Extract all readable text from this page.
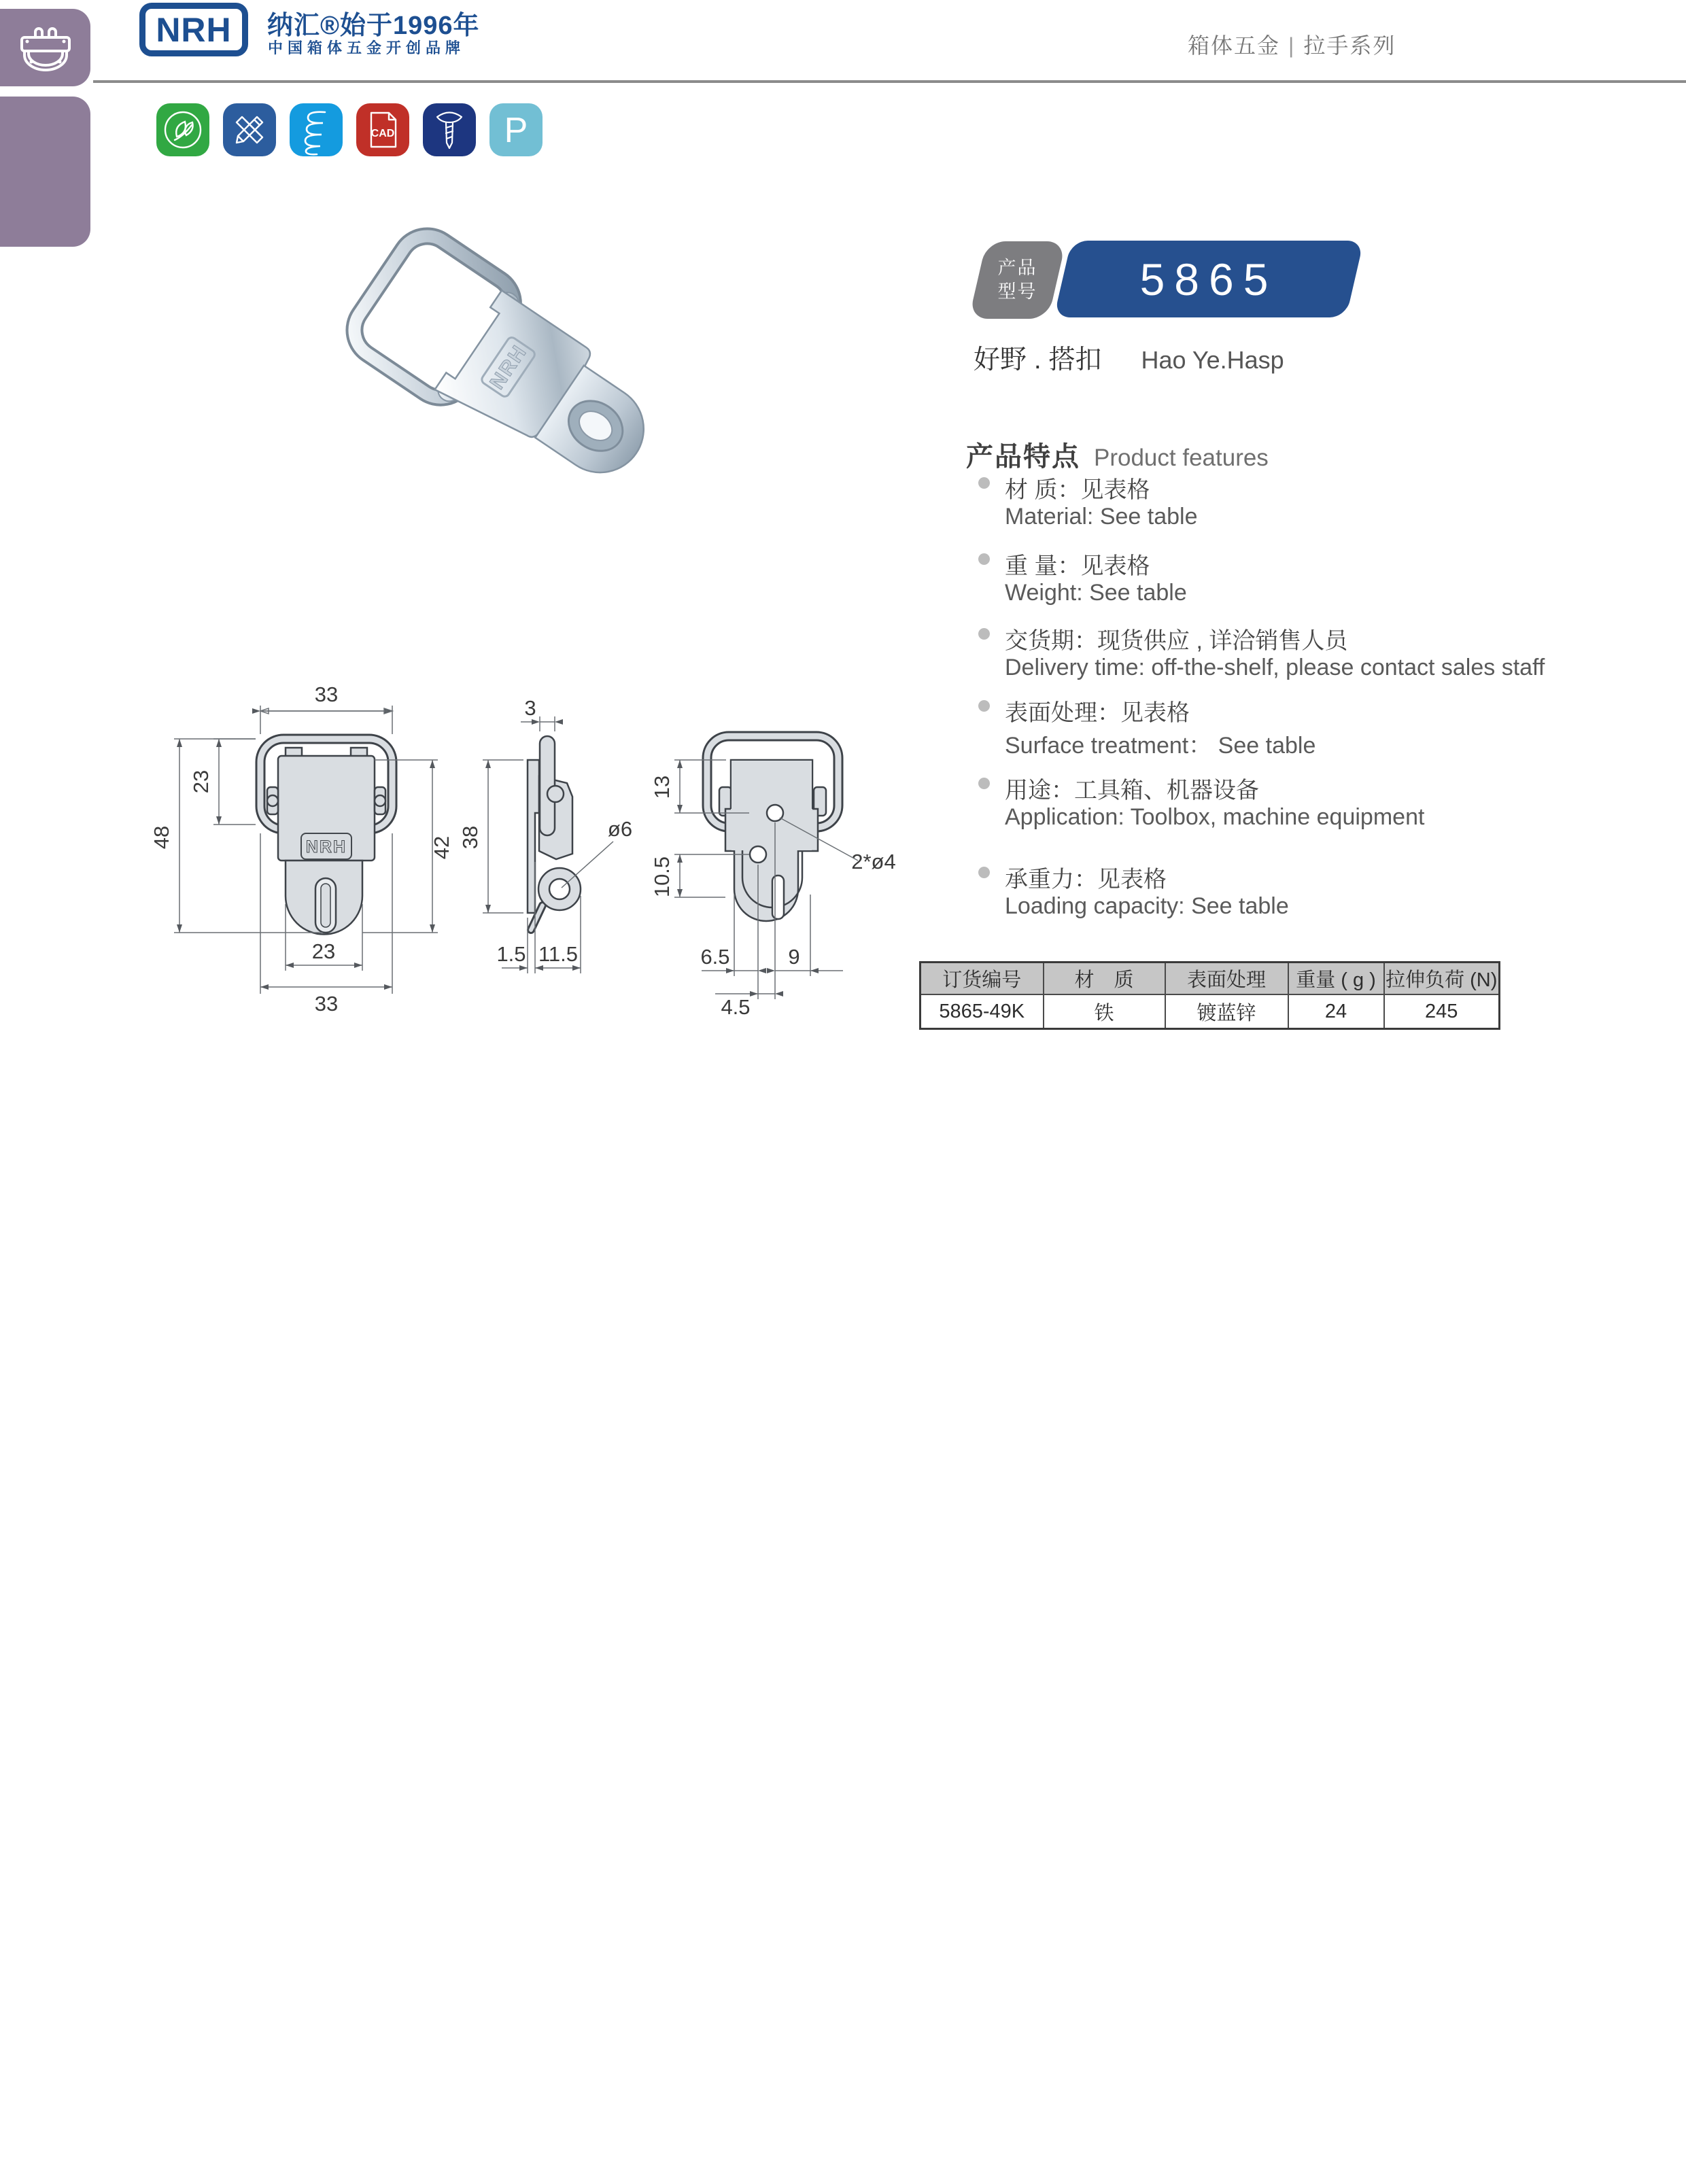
NRH 纳汇®始于1996年
中国箱体五金开创品牌	箱体五金 | 拉手系列
CAD	P
NRH
产品
型号	5865
好野 . 搭扣 Hao Ye.Hasp
产品特点 Product features
材 质：见表格
Material: See table
重 量：见表格
Weight: See table
交货期：现货供应 , 详洽销售人员
Delivery time: off-the-shelf, please contact sales staff
表面处理：见表格
Surface treatment： See table
用途：工具箱、机器设备
Application: Toolbox, machine equipment
承重力：见表格
Loading capacity: See table
NRH
33
23
48	42
23
33
3
38	ø6
1.5 11.5
13
10.5	2*ø4
6.5	9
4.5
订货编号	材　质	表面处理	重量 ( g )	拉伸负荷 (N)
5865-49K	铁	镀蓝锌	24	245
